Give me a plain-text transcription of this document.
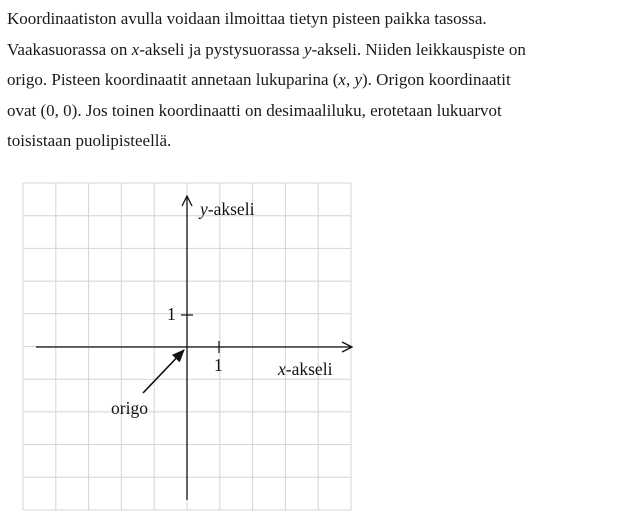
Koordinaatiston avulla voidaan ilmoittaa tietyn pisteen paikka tasossa.
Vaakasuorassa on x-akseli ja pystysuorassa y-akseli. Niiden leikkauspiste on
origo. Pisteen koordinaatit annetaan lukuparina (x, y). Origon koordinaatit
ovat (0, 0). Jos toinen koordinaatti on desimaaliluku, erotetaan lukuarvot
toisistaan puolipisteellä.
y-akseli
x-akseli
1
1
origo
